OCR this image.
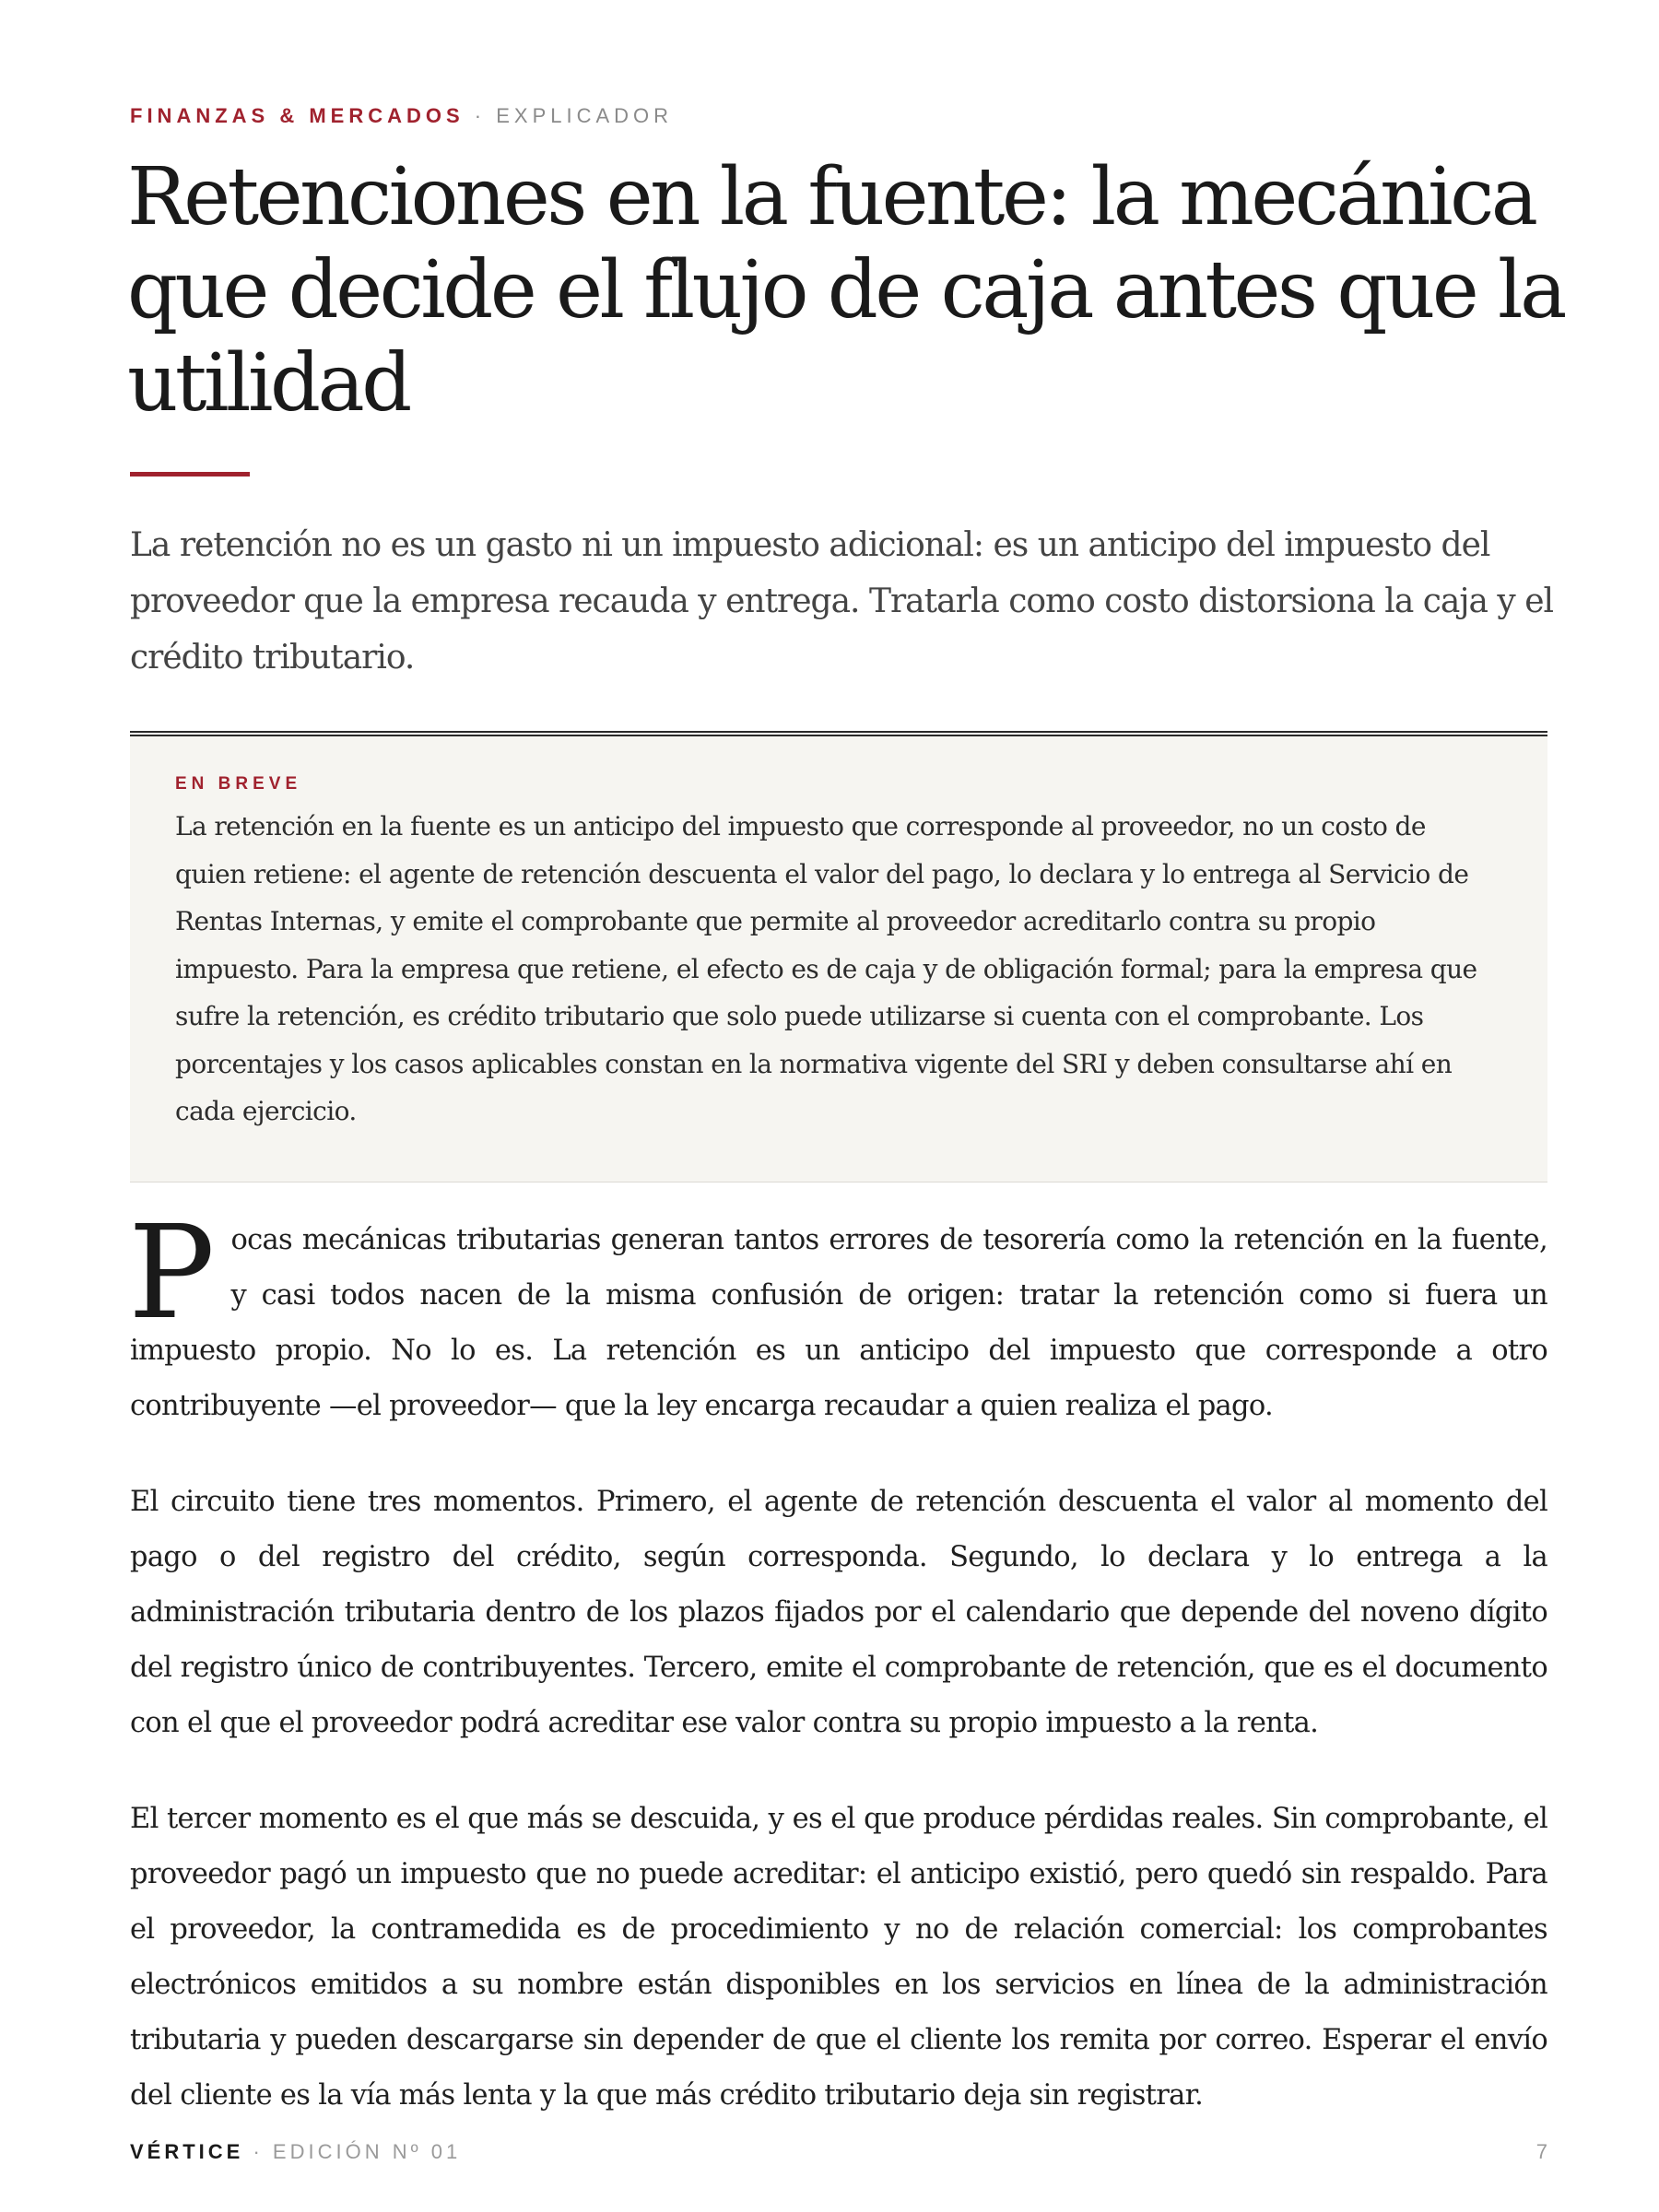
FINANZAS & MERCADOS · EXPLICADOR
Retenciones en la fuente: la mecánica que decide el flujo de caja antes que la utilidad

La retención no es un gasto ni un impuesto adicional: es un anticipo del impuesto del proveedor que la empresa recauda y entrega. Tratarla como costo distorsiona la caja y el crédito tributario.

EN BREVE

La retención en la fuente es un anticipo del impuesto que corresponde al proveedor, no un costo de quien retiene: el agente de retención descuenta el valor del pago, lo declara y lo entrega al Servicio de Rentas Internas, y emite el comprobante que permite al proveedor acreditarlo contra su propio impuesto. Para la empresa que retiene, el efecto es de caja y de obligación formal; para la empresa que sufre la retención, es crédito tributario que solo puede utilizarse si cuenta con el comprobante. Los porcentajes y los casos aplicables constan en la normativa vigente del SRI y deben consultarse ahí en cada ejercicio.

Pocas mecánicas tributarias generan tantos errores de tesorería como la retención en la fuente, y casi todos nacen de la misma confusión de origen: tratar la retención como si fuera un impuesto propio. No lo es. La retención es un anticipo del impuesto que corresponde a otro contribuyente —el proveedor— que la ley encarga recaudar a quien realiza el pago.

El circuito tiene tres momentos. Primero, el agente de retención descuenta el valor al momento del pago o del registro del crédito, según corresponda. Segundo, lo declara y lo entrega a la administración tributaria dentro de los plazos fijados por el calendario que depende del noveno dígito del registro único de contribuyentes. Tercero, emite el comprobante de retención, que es el documento con el que el proveedor podrá acreditar ese valor contra su propio impuesto a la renta.

El tercer momento es el que más se descuida, y es el que produce pérdidas reales. Sin comprobante, el proveedor pagó un impuesto que no puede acreditar: el anticipo existió, pero quedó sin respaldo. Para el proveedor, la contramedida es de procedimiento y no de relación comercial: los comprobantes electrónicos emitidos a su nombre están disponibles en los servicios en línea de la administración tributaria y pueden descargarse sin depender de que el cliente los remita por correo. Esperar el envío del cliente es la vía más lenta y la que más crédito tributario deja sin registrar.

VÉRTICE · EDICIÓN Nº 01	7
